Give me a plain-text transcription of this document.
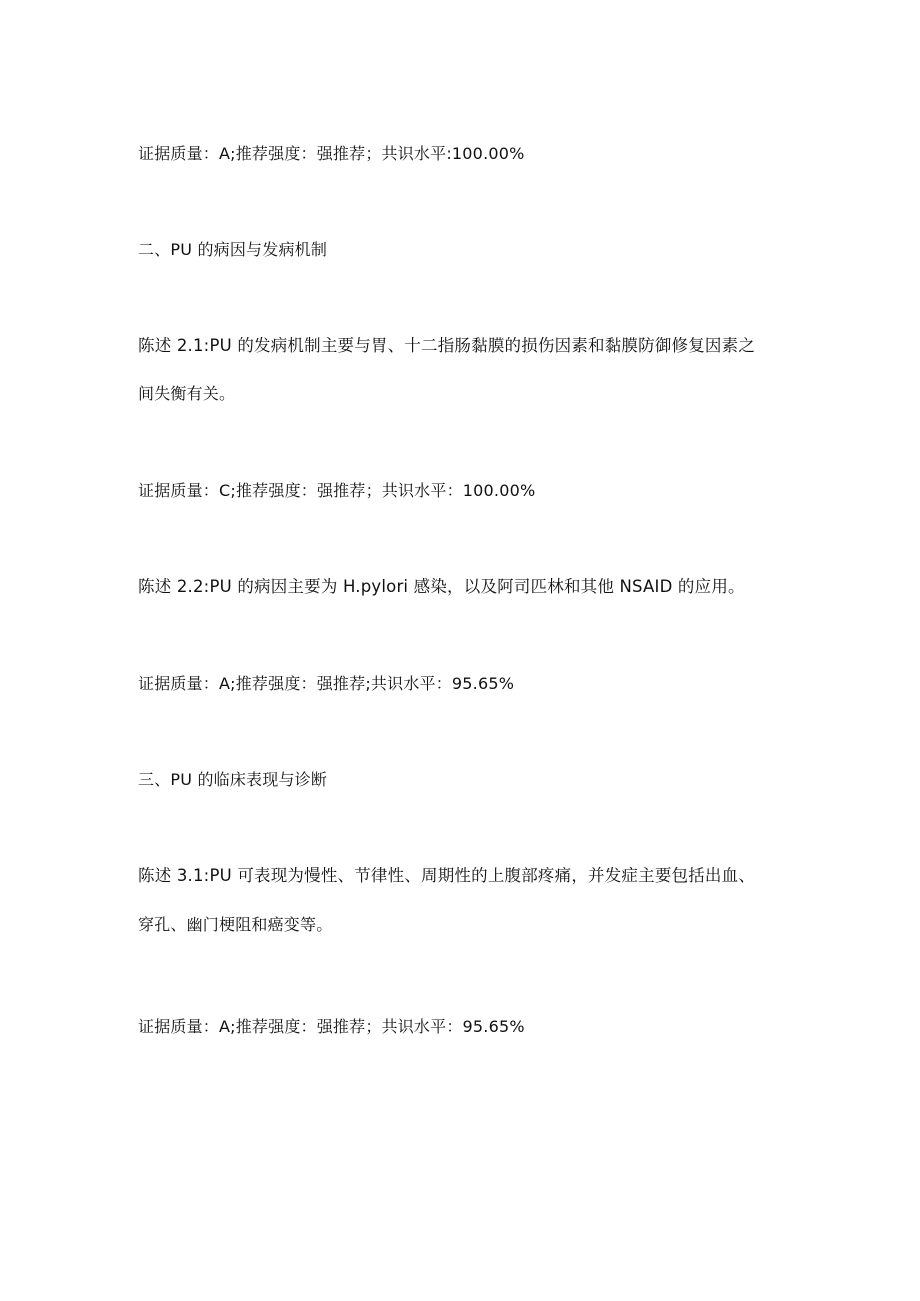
证据质量：A;推荐强度：强推荐；共识水平:100.00%
二、PU 的病因与发病机制
陈述 2.1:PU 的发病机制主要与胃、十二指肠黏膜的损伤因素和黏膜防御修复因素之
间失衡有关。
证据质量：C;推荐强度：强推荐；共识水平：100.00%
陈述 2.2:PU 的病因主要为 H.pylori 感染，以及阿司匹林和其他 NSAID 的应用。
证据质量：A;推荐强度：强推荐;共识水平：95.65%
三、PU 的临床表现与诊断
陈述 3.1:PU 可表现为慢性、节律性、周期性的上腹部疼痛，并发症主要包括出血、
穿孔、幽门梗阻和癌变等。
证据质量：A;推荐强度：强推荐；共识水平：95.65%
